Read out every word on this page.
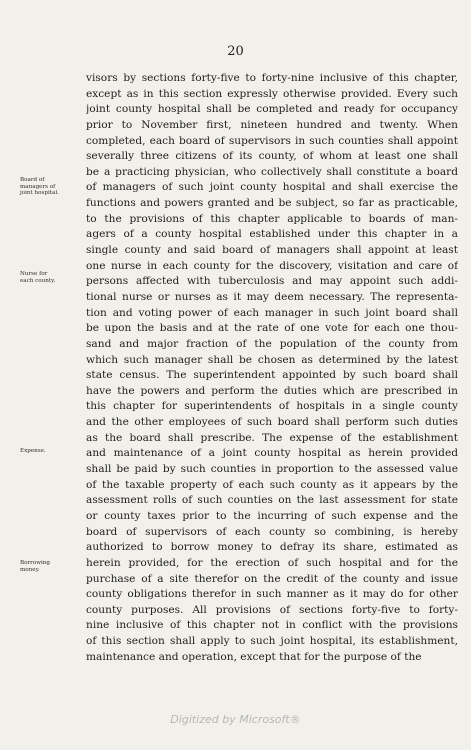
20
Board of
managers of
joint hospital.
Nurse for
each county.
Expense.
Borrowing
money.
visors by sections forty-five to forty-nine inclusive of this chapter,
except as in this section expressly otherwise provided. Every such
joint county hospital shall be completed and ready for occupancy
prior to November first, nineteen hundred and twenty. When
completed, each board of supervisors in such counties shall appoint
severally three citizens of its county, of whom at least one shall
be a practicing physician, who collectively shall constitute a board
of managers of such joint county hospital and shall exercise the
functions and powers granted and be subject, so far as practicable,
to the provisions of this chapter applicable to boards of man-
agers of a county hospital established under this chapter in a
single county and said board of managers shall appoint at least
one nurse in each county for the discovery, visitation and care of
persons affected with tuberculosis and may appoint such addi-
tional nurse or nurses as it may deem necessary. The representa-
tion and voting power of each manager in such joint board shall
be upon the basis and at the rate of one vote for each one thou-
sand and major fraction of the population of the county from
which such manager shall be chosen as determined by the latest
state census. The superintendent appointed by such board shall
have the powers and perform the duties which are prescribed in
this chapter for superintendents of hospitals in a single county
and the other employees of such board shall perform such duties
as the board shall prescribe. The expense of the establishment
and maintenance of a joint county hospital as herein provided
shall be paid by such counties in proportion to the assessed value
of the taxable property of each such county as it appears by the
assessment rolls of such counties on the last assessment for state
or county taxes prior to the incurring of such expense and the
board of supervisors of each county so combining, is hereby
authorized to borrow money to defray its share, estimated as
herein provided, for the erection of such hospital and for the
purchase of a site therefor on the credit of the county and issue
county obligations therefor in such manner as it may do for other
county purposes. All provisions of sections forty-five to forty-
nine inclusive of this chapter not in conflict with the provisions
of this section shall apply to such joint hospital, its establishment,
maintenance and operation, except that for the purpose of the
Digitized by Microsoft®
